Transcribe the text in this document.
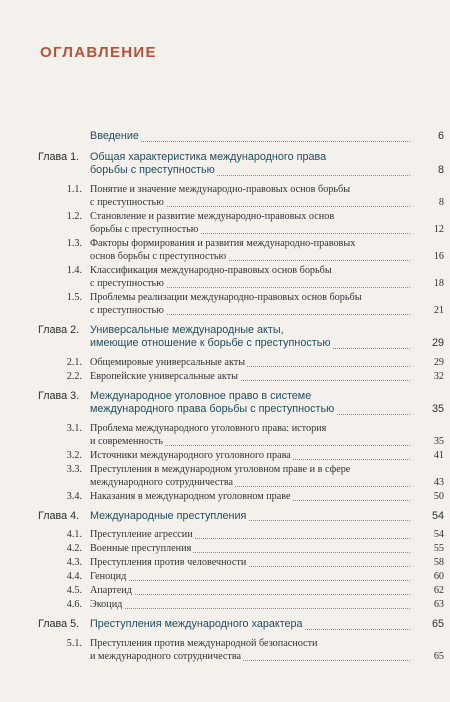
ОГЛАВЛЕНИЕ
Введение	6
Глава 1.	Общая характеристика международного права
борьбы с преступностью	8
1.1. Понятие и значение международно-правовых основ борьбы
с преступностью	8
1.2. Становление и развитие международно-правовых основ
борьбы с преступностью	12
1.3. Факторы формирования и развития международно-правовых
основ борьбы с преступностью	16
1.4. Классификация международно-правовых основ борьбы
с преступностью	18
1.5. Проблемы реализации международно-правовых основ борьбы
с преступностью	21
Глава 2.	Универсальные международные акты,
имеющие отношение к борьбе с преступностью	29
2.1. Общемировые универсальные акты	29
2.2. Европейские универсальные акты	32
Глава 3.	Международное уголовное право в системе
международного права борьбы с преступностью	35
3.1. Проблема международного уголовного права: история
и современность	35
3.2. Источники международного уголовного права	41
3.3. Преступления в международном уголовном праве и в сфере
международного сотрудничества	43
3.4. Наказания в международном уголовном праве	50
Глава 4.	Международные преступления	54
4.1. Преступление агрессии	54
4.2. Военные преступления	55
4.3. Преступления против человечности	58
4.4. Геноцид	60
4.5. Апартеид	62
4.6. Экоцид	63
Глава 5.	Преступления международного характера	65
5.1. Преступления против международной безопасности
и международного сотрудничества	65
